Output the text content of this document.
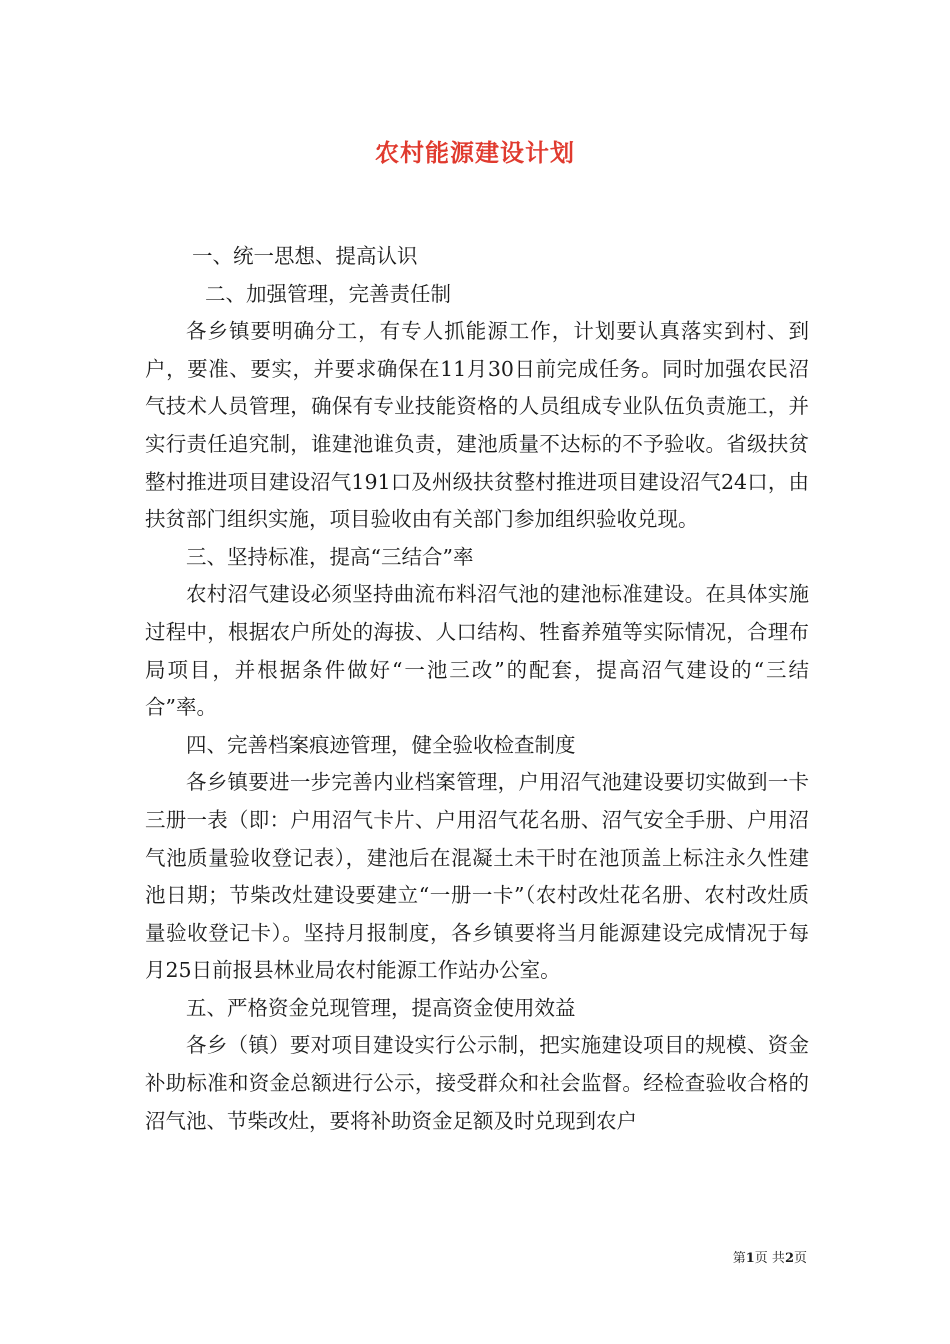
农村能源建设计划

一、统一思想、提高认识

二、加强管理，完善责任制

各乡镇要明确分工，有专人抓能源工作，计划要认真落实到村、到户，要准、要实，并要求确保在11月30日前完成任务。同时加强农民沼气技术人员管理，确保有专业技能资格的人员组成专业队伍负责施工，并实行责任追究制，谁建池谁负责，建池质量不达标的不予验收。省级扶贫整村推进项目建设沼气191口及州级扶贫整村推进项目建设沼气24口，由扶贫部门组织实施，项目验收由有关部门参加组织验收兑现。

三、坚持标准，提高“三结合”率

农村沼气建设必须坚持曲流布料沼气池的建池标准建设。在具体实施过程中，根据农户所处的海拔、人口结构、牲畜养殖等实际情况，合理布局项目，并根据条件做好“一池三改”的配套，提高沼气建设的“三结合”率。

四、完善档案痕迹管理，健全验收检查制度

各乡镇要进一步完善内业档案管理，户用沼气池建设要切实做到一卡三册一表（即：户用沼气卡片、户用沼气花名册、沼气安全手册、户用沼气池质量验收登记表），建池后在混凝土未干时在池顶盖上标注永久性建池日期；节柴改灶建设要建立“一册一卡”（农村改灶花名册、农村改灶质量验收登记卡）。坚持月报制度，各乡镇要将当月能源建设完成情况于每月25日前报县林业局农村能源工作站办公室。

五、严格资金兑现管理，提高资金使用效益

各乡（镇）要对项目建设实行公示制，把实施建设项目的规模、资金补助标准和资金总额进行公示，接受群众和社会监督。经检查验收合格的沼气池、节柴改灶，要将补助资金足额及时兑现到农户

第1页 共2页
